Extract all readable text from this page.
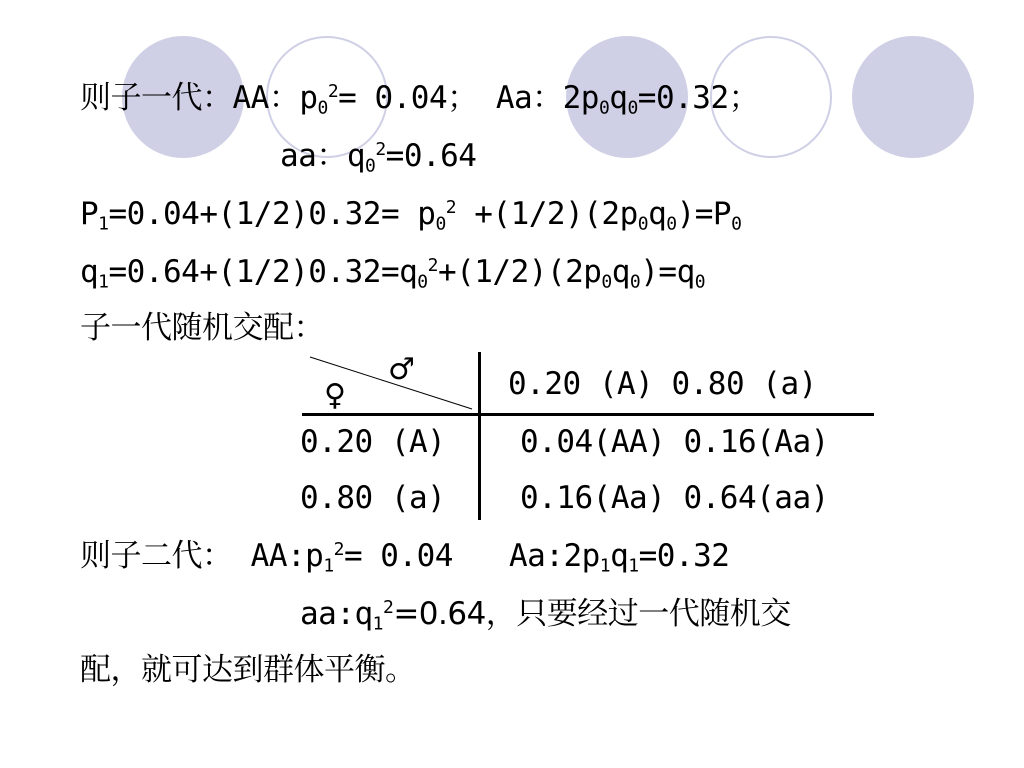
则子一代：AA：$p_0^2= 0.04$； Aa：$2p_0q_0=0.32$；
aa：$q_0^2=0.64$
$P_1=0.04+(1/2)0.32= p_0^2 +(1/2)(2p_0q_0)=P_0$
$q_1=0.64+(1/2)0.32=q_0^2+(1/2)(2p_0q_0)=q_0$
子一代随机交配：
♂
♀	0.20 (A) 0.80 (a)
0.20 (A) 0.04(AA) 0.16(Aa)
0.80 (a) 0.16(Aa) 0.64(aa)
则子二代： $AA:p_1^2= 0.04$ $Aa:2p_1q_1=0.32$
$aa:q_1^2=0.64$，只要经过一代随机交
配，就可达到群体平衡。
